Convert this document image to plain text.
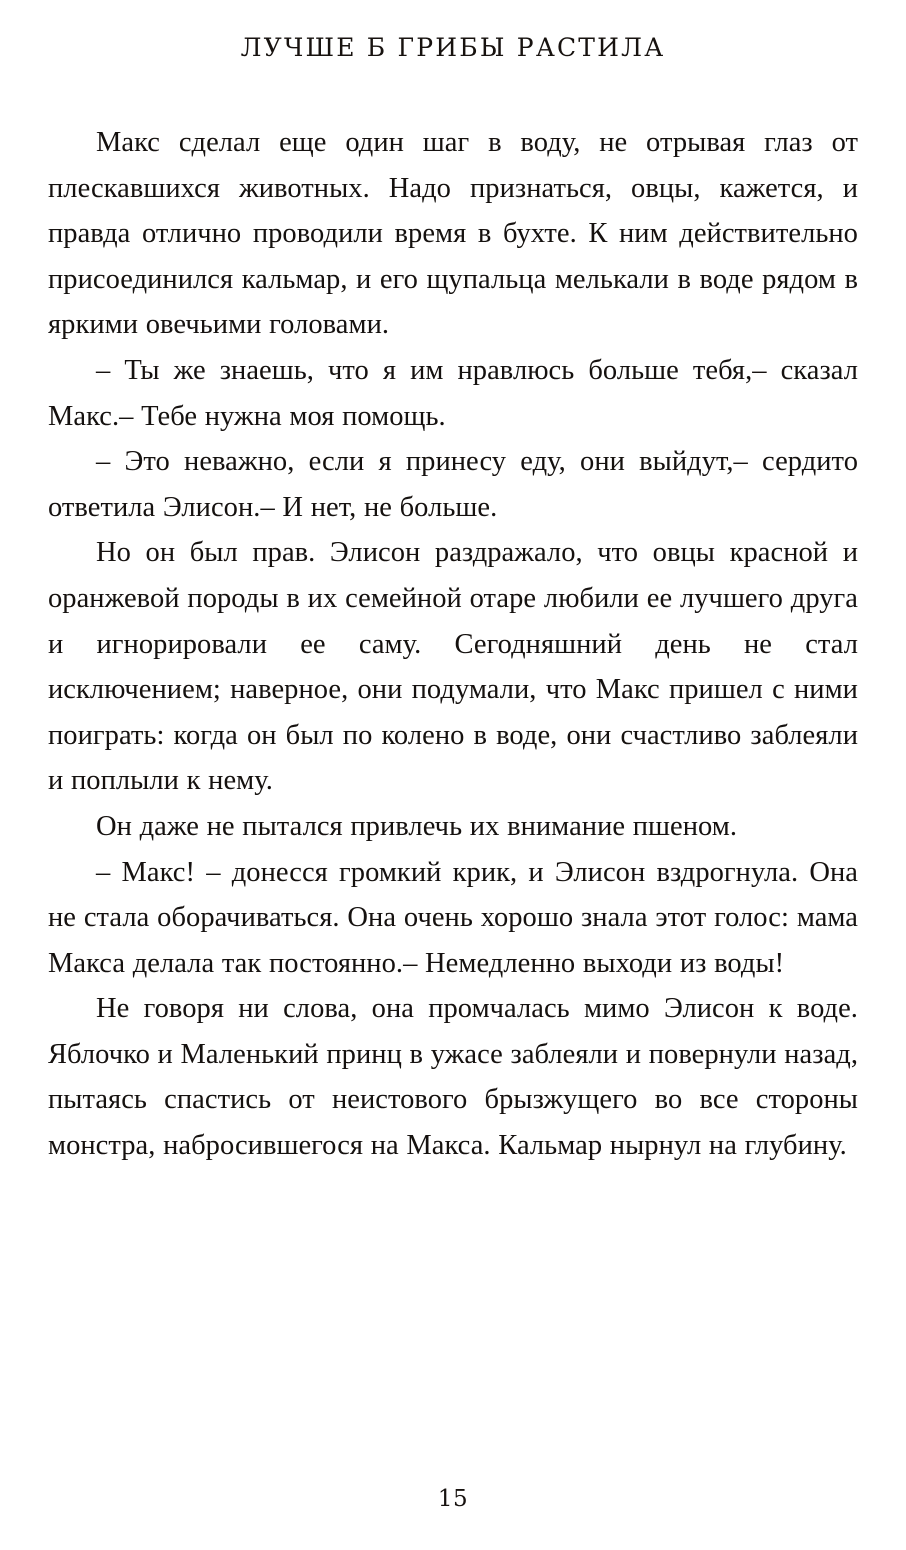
ЛУЧШЕ Б ГРИБЫ РАСТИЛА

Макс сделал еще один шаг в воду, не отрывая глаз от плескавшихся животных. Надо признаться, овцы, кажется, и правда отлично проводили время в бухте. К ним действительно присоединился кальмар, и его щупальца мелькали в воде рядом в яркими овечьими головами.

– Ты же знаешь, что я им нравлюсь больше тебя,– сказал Макс.– Тебе нужна моя помощь.

– Это неважно, если я принесу еду, они выйдут,– сердито ответила Элисон.– И нет, не больше.

Но он был прав. Элисон раздражало, что овцы красной и оранжевой породы в их семейной отаре любили ее лучшего друга и игнорировали ее саму. Сегодняшний день не стал исключением; наверное, они подумали, что Макс пришел с ними поиграть: когда он был по колено в воде, они счастливо заблеяли и поплыли к нему.

Он даже не пытался привлечь их внимание пшеном.

– Макс! – донесся громкий крик, и Элисон вздрогнула. Она не стала оборачиваться. Она очень хорошо знала этот голос: мама Макса делала так постоянно.– Немедленно выходи из воды!

Не говоря ни слова, она промчалась мимо Элисон к воде. Яблочко и Маленький принц в ужасе заблеяли и повернули назад, пытаясь спастись от неистового брызжущего во все стороны монстра, набросившегося на Макса. Кальмар нырнул на глубину.

15
